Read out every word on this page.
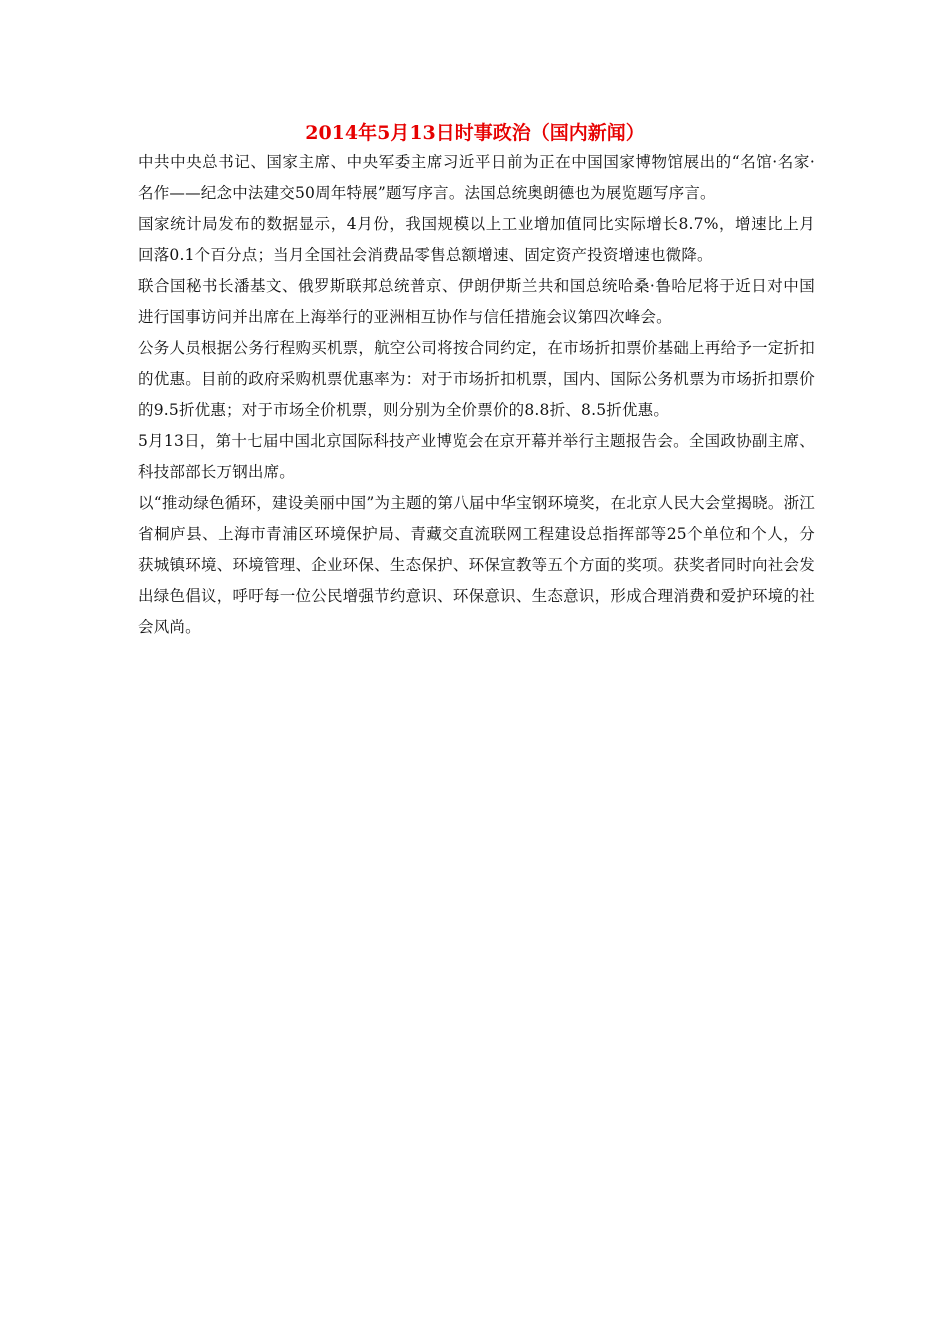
2014年5月13日时事政治（国内新闻）

中共中央总书记、国家主席、中央军委主席习近平日前为正在中国国家博物馆展出的“名馆·名家·名作——纪念中法建交50周年特展”题写序言。法国总统奥朗德也为展览题写序言。

国家统计局发布的数据显示，4月份，我国规模以上工业增加值同比实际增长8.7%，增速比上月回落0.1个百分点；当月全国社会消费品零售总额增速、固定资产投资增速也微降。

联合国秘书长潘基文、俄罗斯联邦总统普京、伊朗伊斯兰共和国总统哈桑·鲁哈尼将于近日对中国进行国事访问并出席在上海举行的亚洲相互协作与信任措施会议第四次峰会。

公务人员根据公务行程购买机票，航空公司将按合同约定，在市场折扣票价基础上再给予一定折扣的优惠。目前的政府采购机票优惠率为：对于市场折扣机票，国内、国际公务机票为市场折扣票价的9.5折优惠；对于市场全价机票，则分别为全价票价的8.8折、8.5折优惠。

5月13日，第十七届中国北京国际科技产业博览会在京开幕并举行主题报告会。全国政协副主席、科技部部长万钢出席。

以“推动绿色循环，建设美丽中国”为主题的第八届中华宝钢环境奖，在北京人民大会堂揭晓。浙江省桐庐县、上海市青浦区环境保护局、青藏交直流联网工程建设总指挥部等25个单位和个人，分获城镇环境、环境管理、企业环保、生态保护、环保宣教等五个方面的奖项。获奖者同时向社会发出绿色倡议，呼吁每一位公民增强节约意识、环保意识、生态意识，形成合理消费和爱护环境的社会风尚。
